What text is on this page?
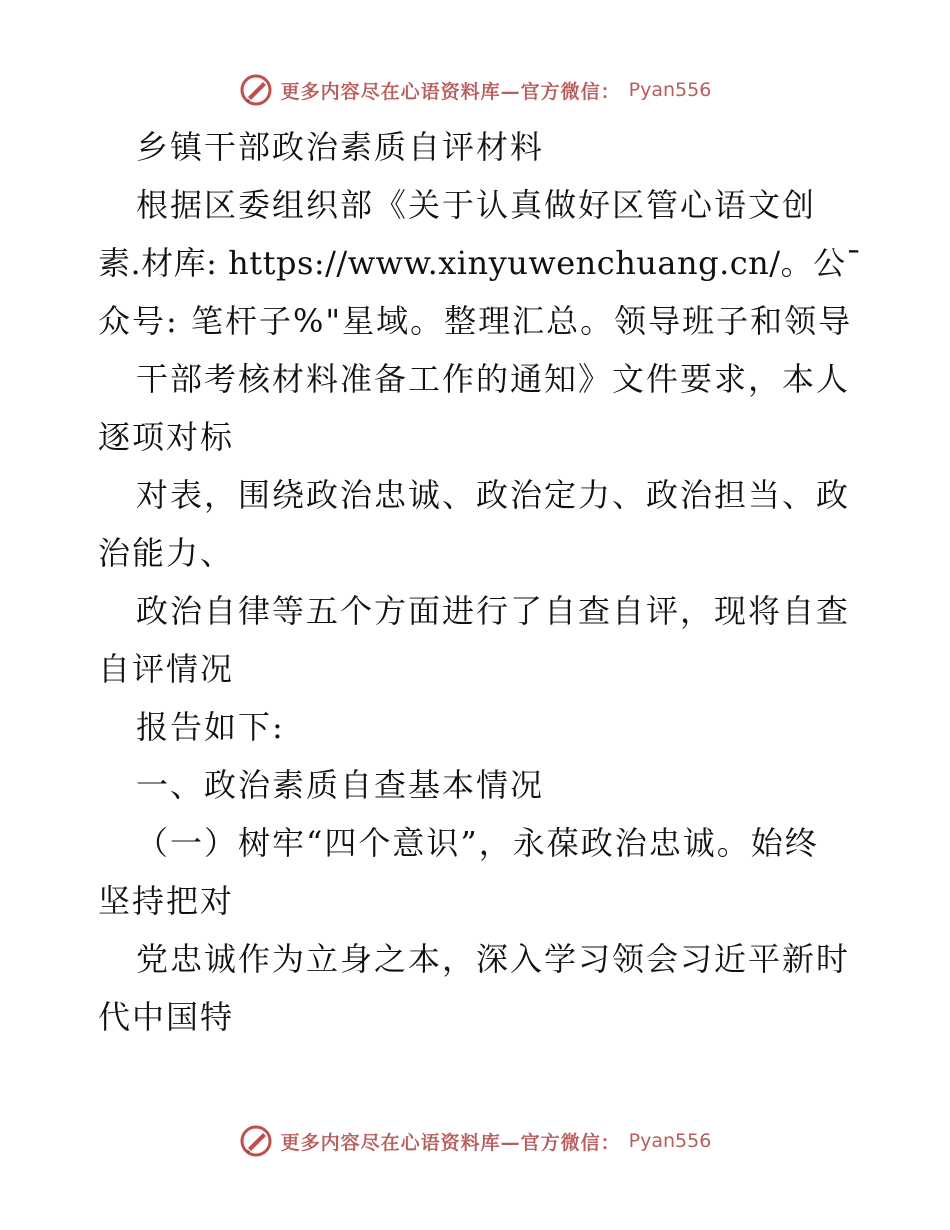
更多内容尽在心语资料库—官方微信： Pyan556
乡镇干部政治素质自评材料
根据区委组织部《关于认真做好区管心语文创
素.材库: https://www.xinyuwenchuang.cn/。公¯
众号: 笔杆子%"星域。整理汇总。领导班子和领导
干部考核材料准备工作的通知》文件要求，本人
逐项对标
对表，围绕政治忠诚、政治定力、政治担当、政
治能力、
政治自律等五个方面进行了自查自评，现将自查
自评情况
报告如下:
一、政治素质自查基本情况
（一）树牢“四个意识”，永葆政治忠诚。始终
坚持把对
党忠诚作为立身之本，深入学习领会习近平新时
代中国特
更多内容尽在心语资料库—官方微信： Pyan556
